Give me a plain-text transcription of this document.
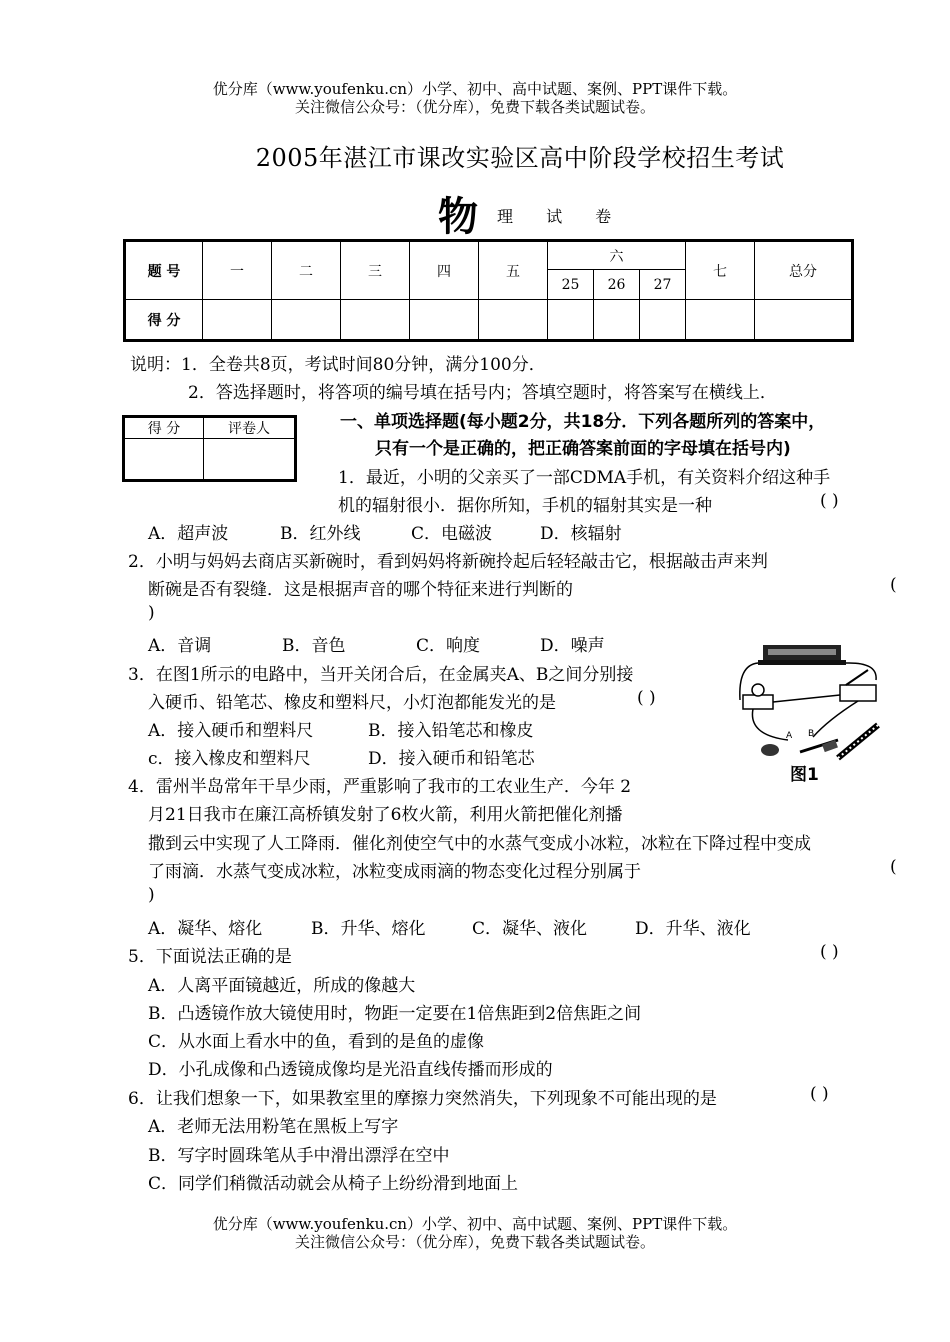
优分库（www.youfenku.cn）小学、初中、高中试题、案例、PPT课件下载。
关注微信公众号：（优分库），免费下载各类试题试卷。
2005年湛江市课改实验区高中阶段学校招生考试
物 理 试 卷
题 号	一	二	三	四	五	六			七	总分
						25	26	27		
得 分										
说明：1．全卷共8页，考试时间80分钟，满分100分．
2．答选择题时，将答项的编号填在括号内；答填空题时，将答案写在横线上．
得 分	评卷人
		一、单项选择题(每小题2分，共18分．下列各题所列的答案中，
只有一个是正确的，把正确答案前面的字母填在括号内)
1．最近，小明的父亲买了一部CDMA手机，有关资料介绍这种手
机的辐射很小．据你所知，手机的辐射其实是一种	( )
A．超声波	B．红外线	C．电磁波	D．核辐射
2．小明与妈妈去商店买新碗时，看到妈妈将新碗拎起后轻轻敲击它，根据敲击声来判
断碗是否有裂缝．这是根据声音的哪个特征来进行判断的	(
)
A．音调	B．音色	C．响度	D．噪声
3．在图1所示的电路中，当开关闭合后，在金属夹A、B之间分别接
入硬币、铅笔芯、橡皮和塑料尺，小灯泡都能发光的是	( )
A．接入硬币和塑料尺	B．接入铅笔芯和橡皮
c．接入橡皮和塑料尺	D．接入硬币和铅笔芯
A B
图1
4．雷州半岛常年干旱少雨，严重影响了我市的工农业生产．今年 2
月21日我市在廉江高桥镇发射了6枚火箭，利用火箭把催化剂播
撒到云中实现了人工降雨．催化剂使空气中的水蒸气变成小冰粒，冰粒在下降过程中变成
了雨滴．水蒸气变成冰粒，冰粒变成雨滴的物态变化过程分别属于	(
)
A．凝华、熔化	B．升华、熔化	C．凝华、液化	D．升华、液化
5．下面说法正确的是	( )
A．人离平面镜越近，所成的像越大
B．凸透镜作放大镜使用时，物距一定要在1倍焦距到2倍焦距之间
C．从水面上看水中的鱼，看到的是鱼的虚像
D．小孔成像和凸透镜成像均是光沿直线传播而形成的
6．让我们想象一下，如果教室里的摩擦力突然消失，下列现象不可能出现的是	( )
A．老师无法用粉笔在黑板上写字
B．写字时圆珠笔从手中滑出漂浮在空中
C．同学们稍微活动就会从椅子上纷纷滑到地面上
优分库（www.youfenku.cn）小学、初中、高中试题、案例、PPT课件下载。
关注微信公众号：（优分库），免费下载各类试题试卷。
